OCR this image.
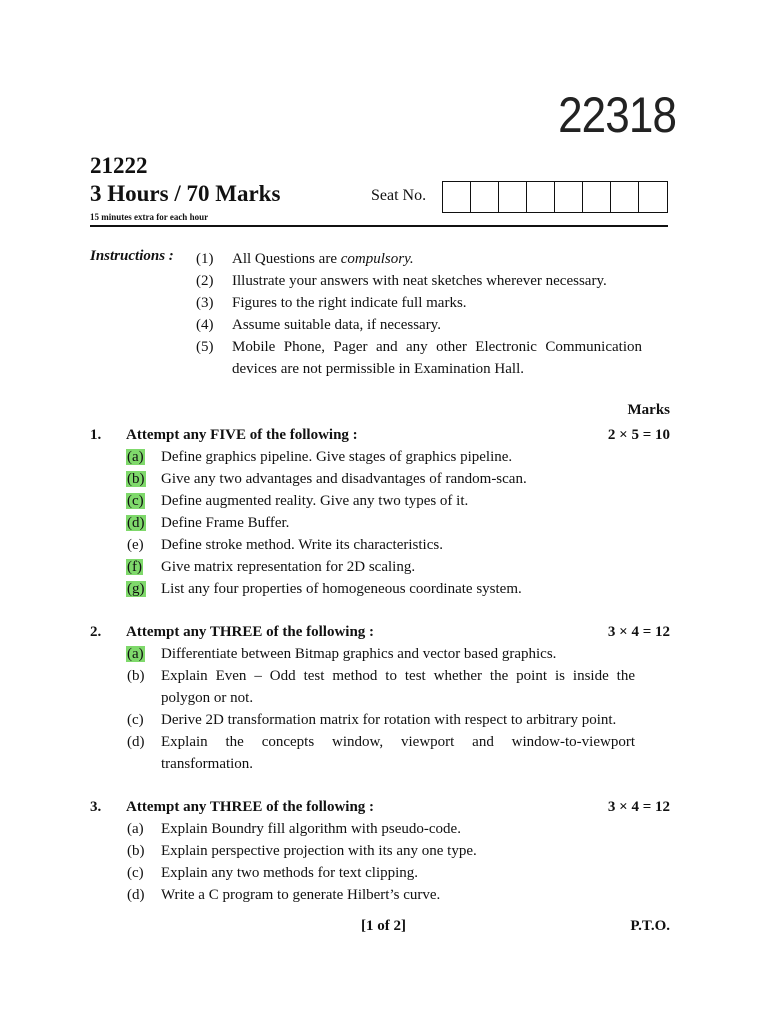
22318
21222
3 Hours / 70 Marks
15 minutes extra for each hour
Seat No.
Instructions : (1)	All Questions are compulsory.
(2)	Illustrate your answers with neat sketches wherever necessary.
(3)	Figures to the right indicate full marks.
(4)	Assume suitable data, if necessary.
(5)	Mobile Phone, Pager and any other Electronic Communication
devices are not permissible in Examination Hall.
Marks
1.	Attempt any FIVE of the following :	2 × 5 = 10
(a)	Define graphics pipeline. Give stages of graphics pipeline.
(b)	Give any two advantages and disadvantages of random-scan.
(c)	Define augmented reality. Give any two types of it.
(d)	Define Frame Buffer.
(e)	Define stroke method. Write its characteristics.
(f)	Give matrix representation for 2D scaling.
(g)	List any four properties of homogeneous coordinate system.
2.	Attempt any THREE of the following :	3 × 4 = 12
(a)	Differentiate between Bitmap graphics and vector based graphics.
(b)	Explain Even – Odd test method to test whether the point is inside the
polygon or not.
(c)	Derive 2D transformation matrix for rotation with respect to arbitrary point.
(d)	Explain the concepts window, viewport and window-to-viewport
transformation.
3.	Attempt any THREE of the following :	3 × 4 = 12
(a)	Explain Boundry fill algorithm with pseudo-code.
(b)	Explain perspective projection with its any one type.
(c)	Explain any two methods for text clipping.
(d)	Write a C program to generate Hilbert’s curve.
[1 of 2]	P.T.O.
